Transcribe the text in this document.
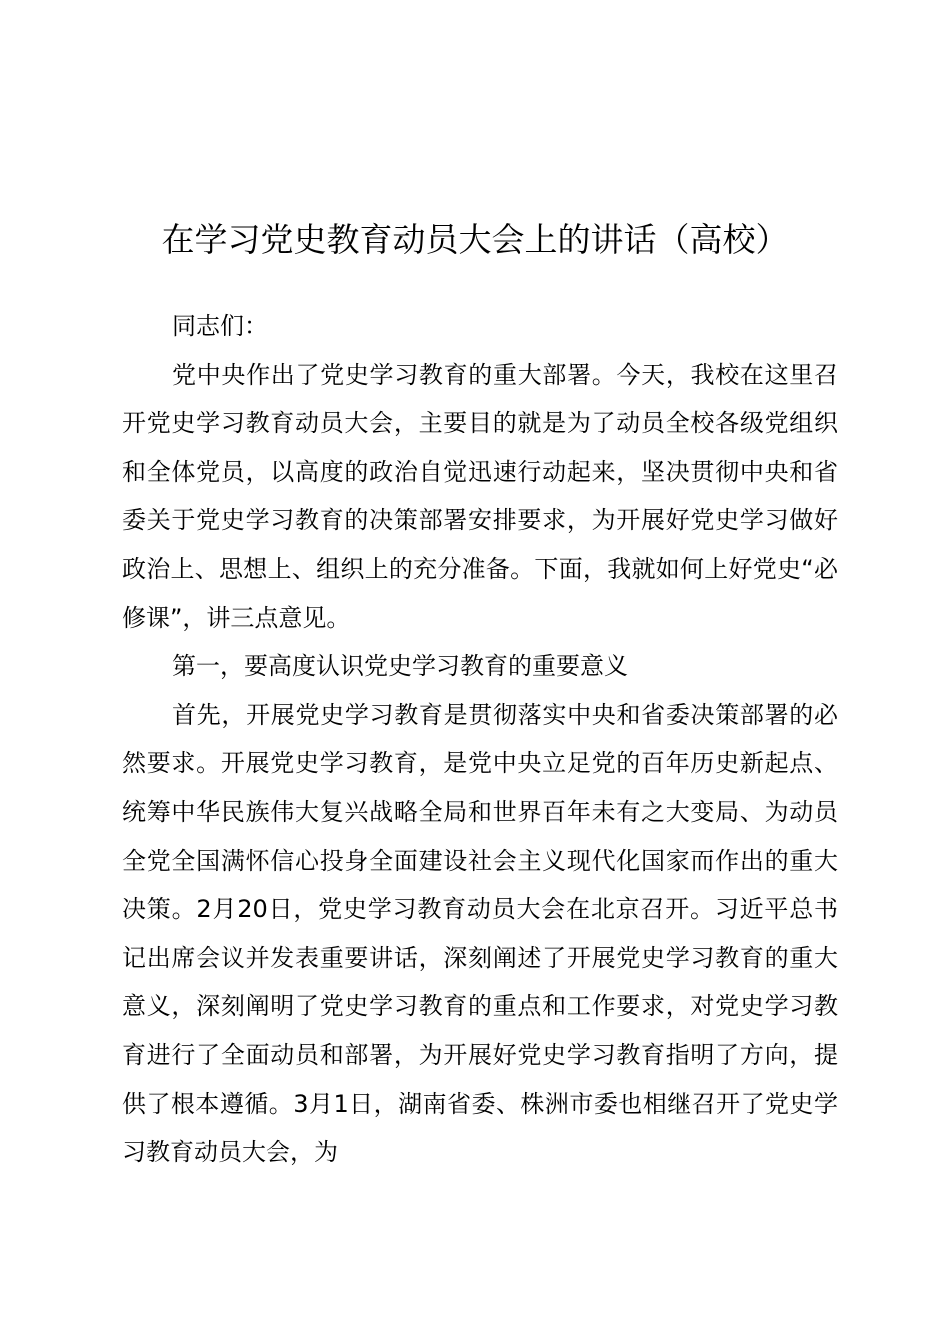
在学习党史教育动员大会上的讲话（高校）

同志们：

党中央作出了党史学习教育的重大部署。今天，我校在这里召开党史学习教育动员大会，主要目的就是为了动员全校各级党组织和全体党员，以高度的政治自觉迅速行动起来，坚决贯彻中央和省委关于党史学习教育的决策部署安排要求，为开展好党史学习做好政治上、思想上、组织上的充分准备。下面，我就如何上好党史“必修课”，讲三点意见。

第一，要高度认识党史学习教育的重要意义

首先，开展党史学习教育是贯彻落实中央和省委决策部署的必然要求。开展党史学习教育，是党中央立足党的百年历史新起点、统筹中华民族伟大复兴战略全局和世界百年未有之大变局、为动员全党全国满怀信心投身全面建设社会主义现代化国家而作出的重大决策。2月20日，党史学习教育动员大会在北京召开。习近平总书记出席会议并发表重要讲话，深刻阐述了开展党史学习教育的重大意义，深刻阐明了党史学习教育的重点和工作要求，对党史学习教育进行了全面动员和部署，为开展好党史学习教育指明了方向，提供了根本遵循。3月1日，湖南省委、株洲市委也相继召开了党史学习教育动员大会，为
